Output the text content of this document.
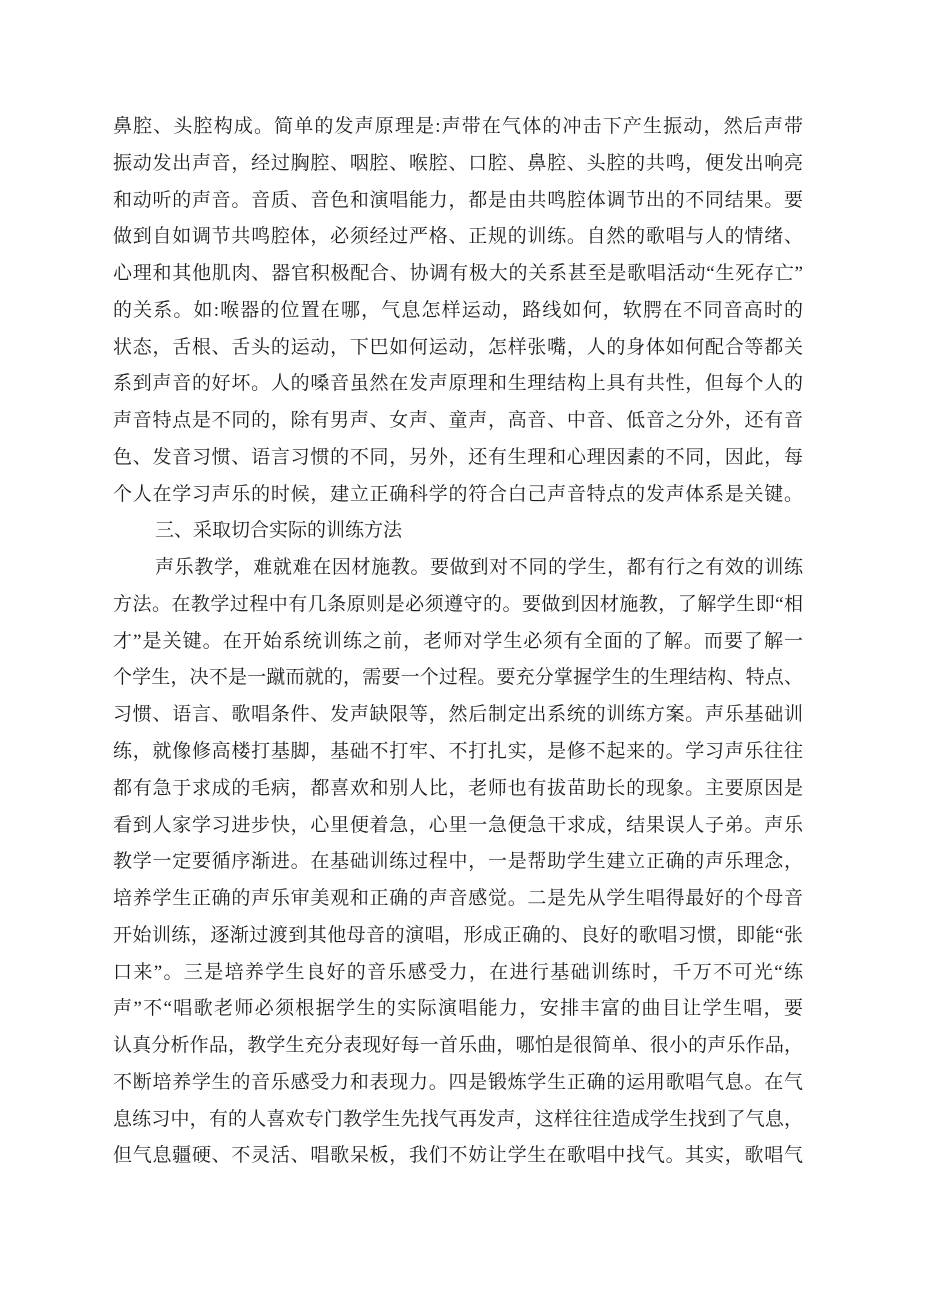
鼻腔、头腔构成。简单的发声原理是:声带在气体的冲击下产生振动，然后声带
振动发出声音，经过胸腔、咽腔、喉腔、口腔、鼻腔、头腔的共鸣，便发出响亮
和动听的声音。音质、音色和演唱能力，都是由共鸣腔体调节出的不同结果。要
做到自如调节共鸣腔体，必须经过严格、正规的训练。自然的歌唱与人的情绪、
心理和其他肌肉、器官积极配合、协调有极大的关系甚至是歌唱活动“生死存亡”
的关系。如:喉器的位置在哪，气息怎样运动，路线如何，软腭在不同音高时的
状态，舌根、舌头的运动，下巴如何运动，怎样张嘴，人的身体如何配合等都关
系到声音的好坏。人的嗓音虽然在发声原理和生理结构上具有共性，但每个人的
声音特点是不同的，除有男声、女声、童声，高音、中音、低音之分外，还有音
色、发音习惯、语言习惯的不同，另外，还有生理和心理因素的不同，因此，每
个人在学习声乐的时候，建立正确科学的符合白己声音特点的发声体系是关键。
三、采取切合实际的训练方法
声乐教学，难就难在因材施教。要做到对不同的学生，都有行之有效的训练
方法。在教学过程中有几条原则是必须遵守的。要做到因材施教，了解学生即“相
才”是关键。在开始系统训练之前，老师对学生必须有全面的了解。而要了解一
个学生，决不是一蹴而就的，需要一个过程。要充分掌握学生的生理结构、特点、
习惯、语言、歌唱条件、发声缺限等，然后制定出系统的训练方案。声乐基础训
练，就像修高楼打基脚，基础不打牢、不打扎实，是修不起来的。学习声乐往往
都有急于求成的毛病，都喜欢和别人比，老师也有拔苗助长的现象。主要原因是
看到人家学习进步快，心里便着急，心里一急便急干求成，结果误人子弟。声乐
教学一定要循序渐进。在基础训练过程中，一是帮助学生建立正确的声乐理念，
培养学生正确的声乐审美观和正确的声音感觉。二是先从学生唱得最好的个母音
开始训练，逐渐过渡到其他母音的演唱，形成正确的、良好的歌唱习惯，即能“张
口来”。三是培养学生良好的音乐感受力，在进行基础训练时，千万不可光“练
声”不“唱歌老师必须根据学生的实际演唱能力，安排丰富的曲目让学生唱，要
认真分析作品，教学生充分表现好每一首乐曲，哪怕是很简单、很小的声乐作品，
不断培养学生的音乐感受力和表现力。四是锻炼学生正确的运用歌唱气息。在气
息练习中，有的人喜欢专门教学生先找气再发声，这样往往造成学生找到了气息，
但气息疆硬、不灵活、唱歌呆板，我们不妨让学生在歌唱中找气。其实，歌唱气
